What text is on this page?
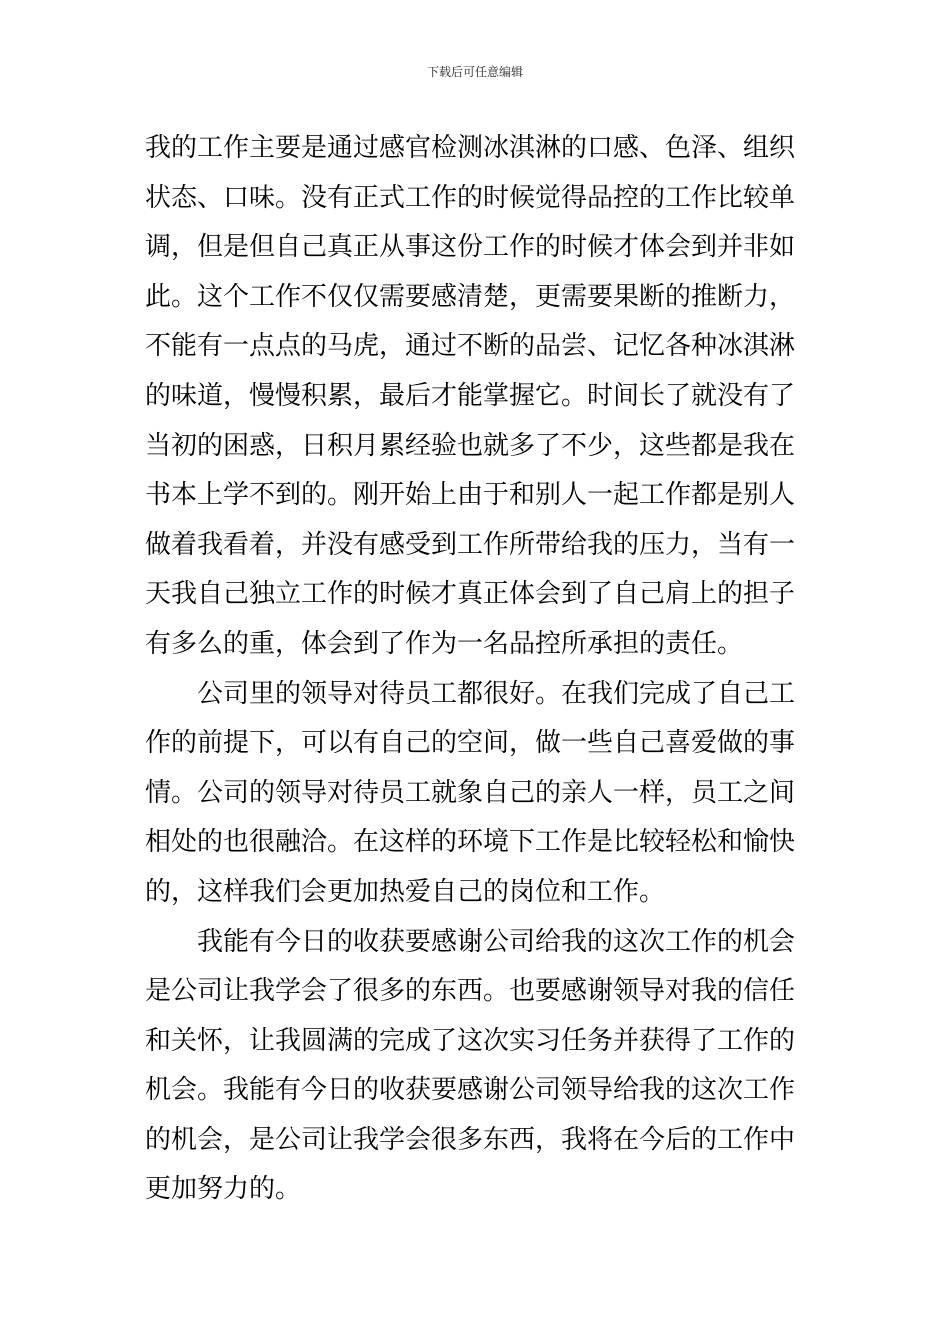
下载后可任意编辑
我的工作主要是通过感官检测冰淇淋的口感、色泽、组织
状态、口味。没有正式工作的时候觉得品控的工作比较单
调，但是但自己真正从事这份工作的时候才体会到并非如
此。这个工作不仅仅需要感清楚，更需要果断的推断力，
不能有一点点的马虎，通过不断的品尝、记忆各种冰淇淋
的味道，慢慢积累，最后才能掌握它。时间长了就没有了
当初的困惑，日积月累经验也就多了不少，这些都是我在
书本上学不到的。刚开始上由于和别人一起工作都是别人
做着我看着，并没有感受到工作所带给我的压力，当有一
天我自己独立工作的时候才真正体会到了自己肩上的担子
有多么的重，体会到了作为一名品控所承担的责任。
公司里的领导对待员工都很好。在我们完成了自己工
作的前提下，可以有自己的空间，做一些自己喜爱做的事
情。公司的领导对待员工就象自己的亲人一样，员工之间
相处的也很融洽。在这样的环境下工作是比较轻松和愉快
的，这样我们会更加热爱自己的岗位和工作。
我能有今日的收获要感谢公司给我的这次工作的机会
是公司让我学会了很多的东西。也要感谢领导对我的信任
和关怀，让我圆满的完成了这次实习任务并获得了工作的
机会。我能有今日的收获要感谢公司领导给我的这次工作
的机会，是公司让我学会很多东西，我将在今后的工作中
更加努力的。
